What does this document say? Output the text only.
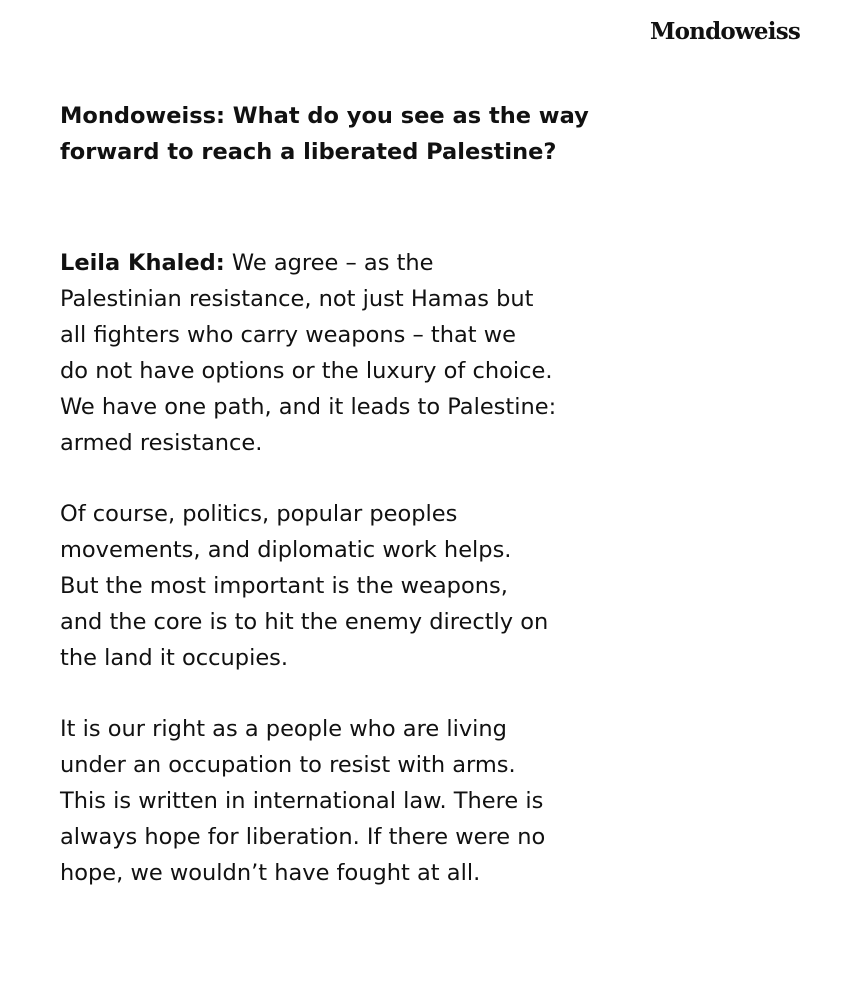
Mondoweiss

Mondoweiss: What do you see as the way
forward to reach a liberated Palestine?

Leila Khaled: We agree – as the
Palestinian resistance, not just Hamas but
all fighters who carry weapons – that we
do not have options or the luxury of choice.
We have one path, and it leads to Palestine:
armed resistance.

Of course, politics, popular peoples
movements, and diplomatic work helps.
But the most important is the weapons,
and the core is to hit the enemy directly on
the land it occupies.

It is our right as a people who are living
under an occupation to resist with arms.
This is written in international law. There is
always hope for liberation. If there were no
hope, we wouldn’t have fought at all.
